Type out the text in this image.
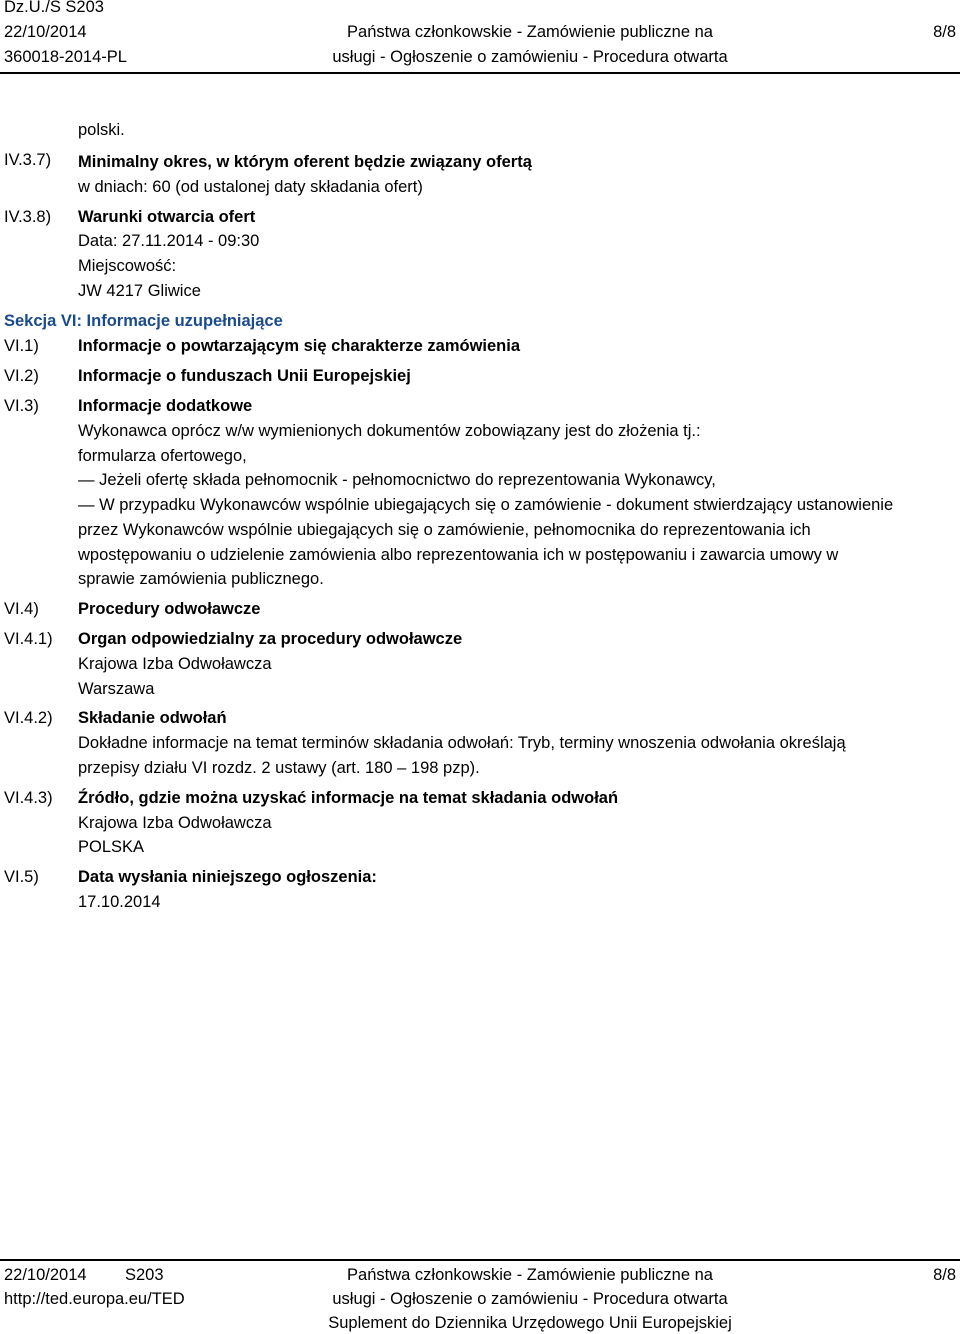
Dz.U./S S203
22/10/2014
360018-2014-PL
Państwa członkowskie - Zamówienie publiczne na
usługi - Ogłoszenie o zamówieniu - Procedura otwarta
8/8
polski.
IV.3.7) Minimalny okres, w którym oferent będzie związany ofertą
w dniach: 60 (od ustalonej daty składania ofert)
IV.3.8) Warunki otwarcia ofert
Data: 27.11.2014 - 09:30
Miejscowość:
JW 4217 Gliwice
Sekcja VI: Informacje uzupełniające
VI.1) Informacje o powtarzającym się charakterze zamówienia
VI.2) Informacje o funduszach Unii Europejskiej
VI.3) Informacje dodatkowe
Wykonawca oprócz w/w wymienionych dokumentów zobowiązany jest do złożenia tj.:
formularza ofertowego,
— Jeżeli ofertę składa pełnomocnik - pełnomocnictwo do reprezentowania Wykonawcy,
— W przypadku Wykonawców wspólnie ubiegających się o zamówienie - dokument stwierdzający ustanowienie
przez Wykonawców wspólnie ubiegających się o zamówienie, pełnomocnika do reprezentowania ich
wpostępowaniu o udzielenie zamówienia albo reprezentowania ich w postępowaniu i zawarcia umowy w
sprawie zamówienia publicznego.
VI.4) Procedury odwoławcze
VI.4.1) Organ odpowiedzialny za procedury odwoławcze
Krajowa Izba Odwoławcza
Warszawa
VI.4.2) Składanie odwołań
Dokładne informacje na temat terminów składania odwołań: Tryb, terminy wnoszenia odwołania określają
przepisy działu VI rozdz. 2 ustawy (art. 180 – 198 pzp).
VI.4.3) Źródło, gdzie można uzyskać informacje na temat składania odwołań
Krajowa Izba Odwoławcza
POLSKA
VI.5) Data wysłania niniejszego ogłoszenia:
17.10.2014
22/10/2014 S203
http://ted.europa.eu/TED
Państwa członkowskie - Zamówienie publiczne na
usługi - Ogłoszenie o zamówieniu - Procedura otwarta
Suplement do Dziennika Urzędowego Unii Europejskiej
8/8
